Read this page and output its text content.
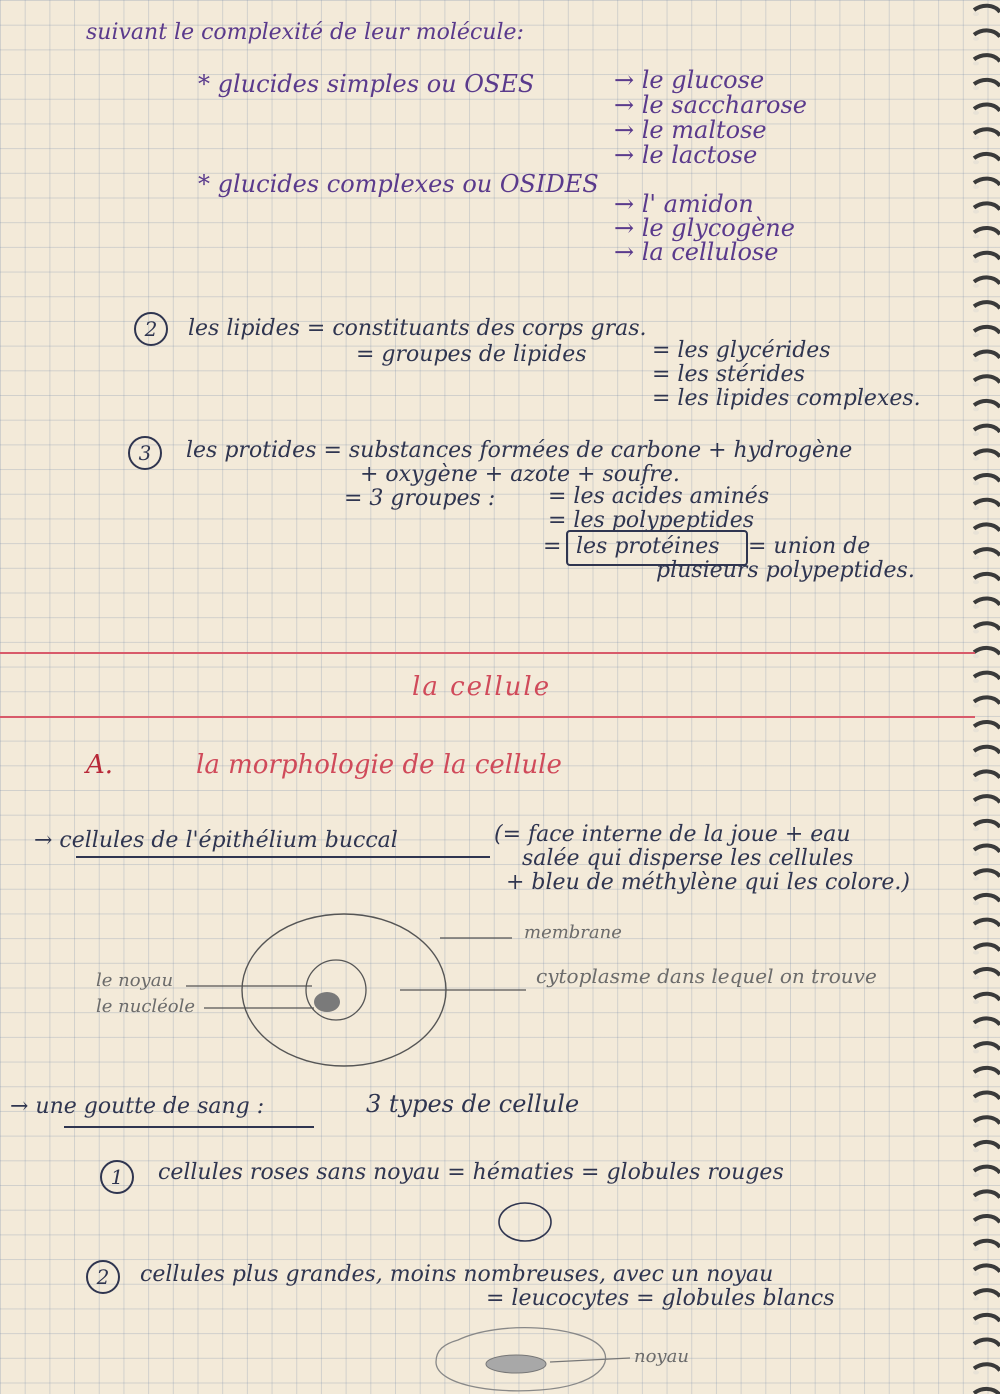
suivant le complexité de leur molécule:
* glucides simples ou OSES	→ le glucose
→ le saccharose
→ le maltose
→ le lactose
* glucides complexes ou OSIDES
→ l' amidon
→ le glycogène
→ la cellulose
2	les lipides = constituants des corps gras.
= groupes de lipides	= les glycérides
= les stérides
= les lipides complexes.
3	les protides = substances formées de carbone + hydrogène
+ oxygène + azote + soufre.
= 3 groupes : = les acides aminés
= les polypeptides
= les protéines = union de
plusieurs polypeptides.
la cellule
A.	la morphologie de la cellule
→ cellules de l'épithélium buccal	(= face interne de la joue + eau
salée qui disperse les cellules
+ bleu de méthylène qui les colore.)
membrane
cytoplasme dans lequel on trouve
le noyau
le nucléole
→ une goutte de sang :	3 types de cellule
1	cellules roses sans noyau = hématies = globules rouges
2	cellules plus grandes, moins nombreuses, avec un noyau
= leucocytes = globules blancs
noyau
